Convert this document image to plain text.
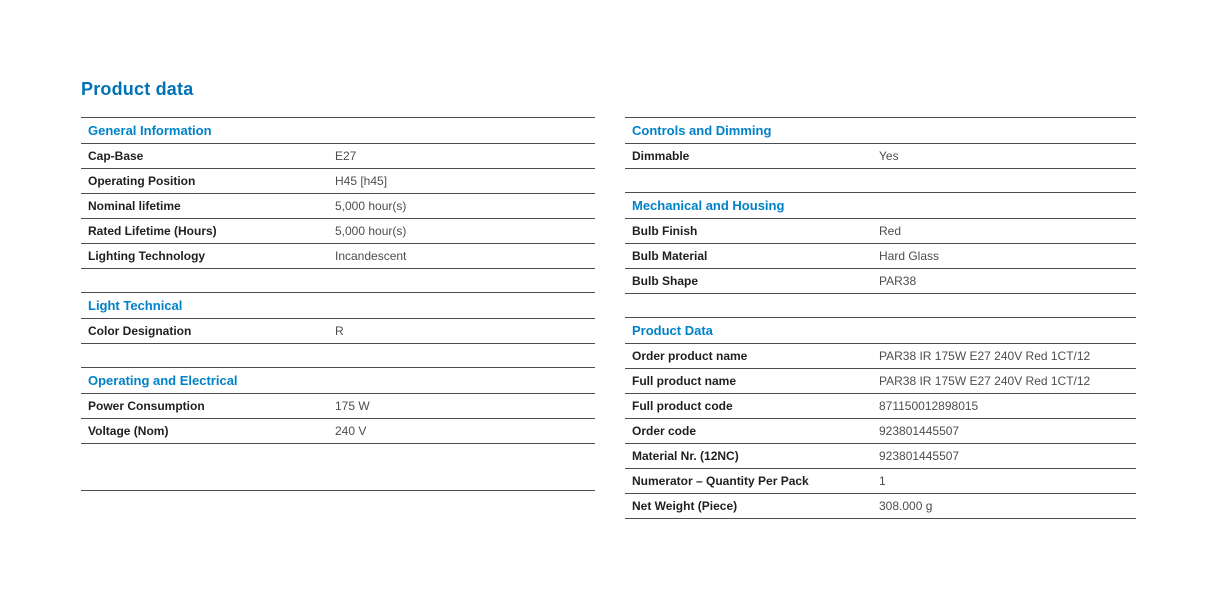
Product data
General Information
Cap-Base	E27
Operating Position	H45 [h45]
Nominal lifetime	5,000 hour(s)
Rated Lifetime (Hours)	5,000 hour(s)
Lighting Technology	Incandescent
Light Technical
Color Designation	R
Operating and Electrical
Power Consumption	175 W
Voltage (Nom)	240 V
Controls and Dimming
Dimmable	Yes
Mechanical and Housing
Bulb Finish	Red
Bulb Material	Hard Glass
Bulb Shape	PAR38
Product Data
Order product name	PAR38 IR 175W E27 240V Red 1CT/12
Full product name	PAR38 IR 175W E27 240V Red 1CT/12
Full product code	871150012898015
Order code	923801445507
Material Nr. (12NC)	923801445507
Numerator – Quantity Per Pack	1
Net Weight (Piece)	308.000 g
